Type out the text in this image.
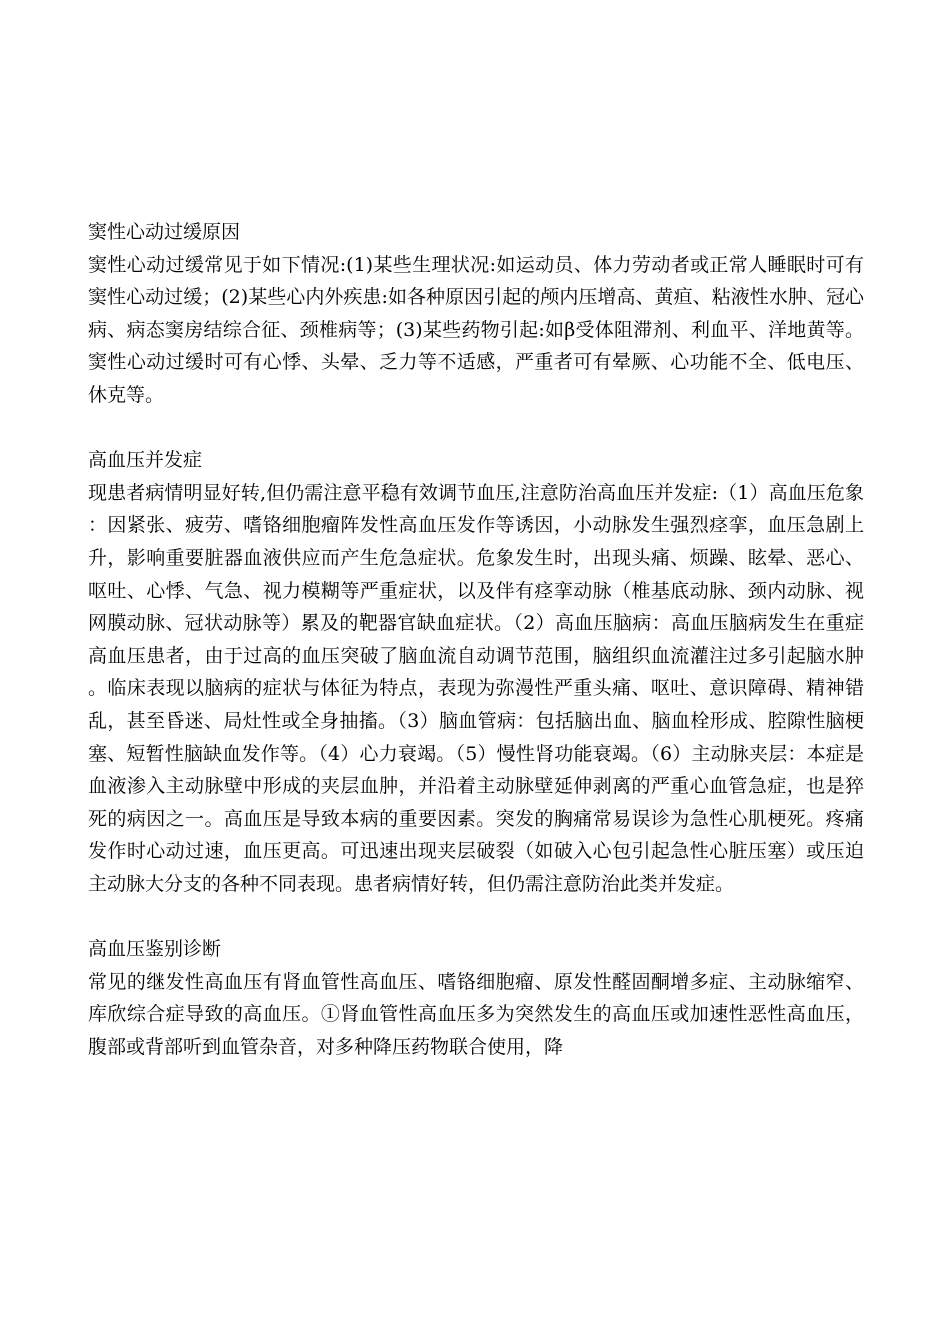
窦性心动过缓原因

窦性心动过缓常见于如下情况:(1)某些生理状况:如运动员、体力劳动者或正常人睡眠时可有窦性心动过缓；(2)某些心内外疾患:如各种原因引起的颅内压增高、黄疸、粘液性水肿、冠心病、病态窦房结综合征、颈椎病等；(3)某些药物引起:如β受体阻滞剂、利血平、洋地黄等。窦性心动过缓时可有心悸、头晕、乏力等不适感，严重者可有晕厥、心功能不全、低电压、休克等。

高血压并发症

现患者病情明显好转,但仍需注意平稳有效调节血压,注意防治高血压并发症:（1）高血压危象：因紧张、疲劳、嗜铬细胞瘤阵发性高血压发作等诱因，小动脉发生强烈痉挛，血压急剧上升，影响重要脏器血液供应而产生危急症状。危象发生时，出现头痛、烦躁、眩晕、恶心、呕吐、心悸、气急、视力模糊等严重症状，以及伴有痉挛动脉（椎基底动脉、颈内动脉、视网膜动脉、冠状动脉等）累及的靶器官缺血症状。（2）高血压脑病：高血压脑病发生在重症高血压患者，由于过高的血压突破了脑血流自动调节范围，脑组织血流灌注过多引起脑水肿。临床表现以脑病的症状与体征为特点，表现为弥漫性严重头痛、呕吐、意识障碍、精神错乱，甚至昏迷、局灶性或全身抽搐。（3）脑血管病：包括脑出血、脑血栓形成、腔隙性脑梗塞、短暂性脑缺血发作等。（4）心力衰竭。（5）慢性肾功能衰竭。（6）主动脉夹层：本症是血液渗入主动脉壁中形成的夹层血肿，并沿着主动脉壁延伸剥离的严重心血管急症，也是猝死的病因之一。高血压是导致本病的重要因素。突发的胸痛常易误诊为急性心肌梗死。疼痛发作时心动过速，血压更高。可迅速出现夹层破裂（如破入心包引起急性心脏压塞）或压迫主动脉大分支的各种不同表现。患者病情好转，但仍需注意防治此类并发症。

高血压鉴别诊断

常见的继发性高血压有肾血管性高血压、嗜铬细胞瘤、原发性醛固酮增多症、主动脉缩窄、库欣综合症导致的高血压。①肾血管性高血压多为突然发生的高血压或加速性恶性高血压，腹部或背部听到血管杂音，对多种降压药物联合使用，降
